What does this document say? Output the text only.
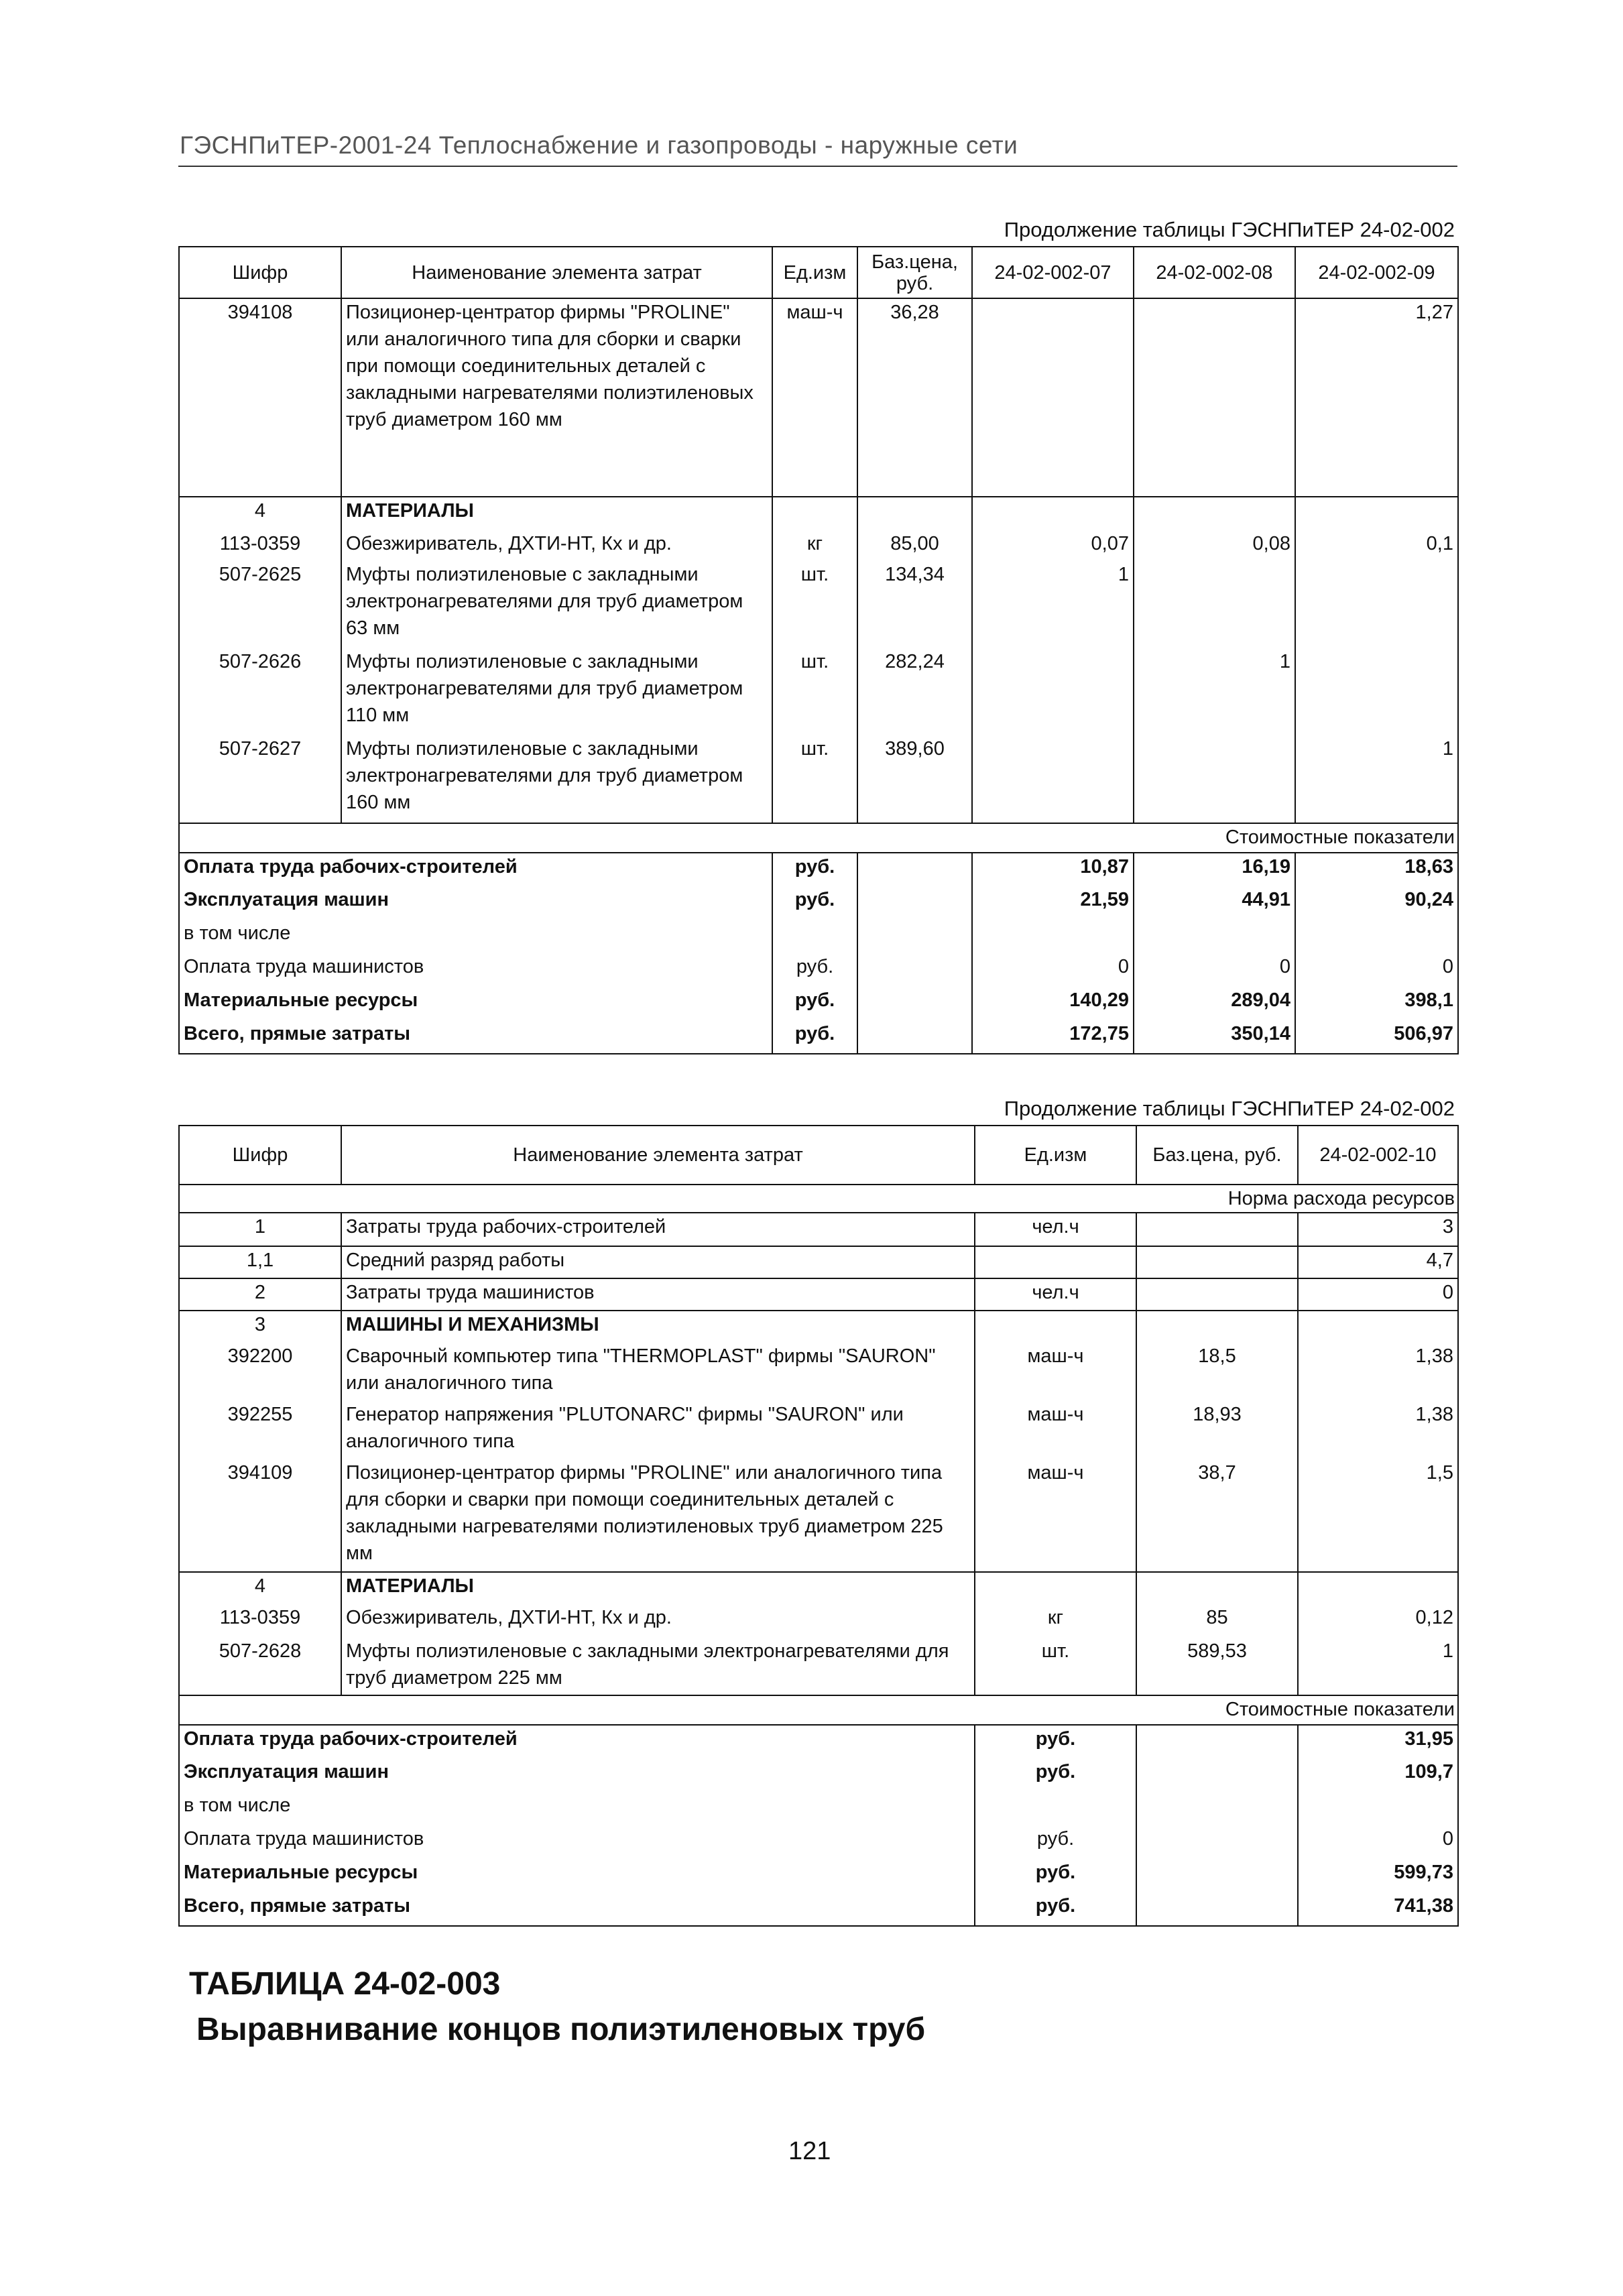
ГЭСНПиТЕР-2001-24 Теплоснабжение и газопроводы - наружные сети
Продолжение таблицы ГЭСНПиТЕР 24-02-002
Шифр	Наименование элемента затрат	Ед.изм	Баз.цена, руб.	24-02-002-07	24-02-002-08	24-02-002-09
394108	Позиционер-центратор фирмы "PROLINE" или аналогичного типа для сборки и сварки при помощи соединительных деталей с закладными нагревателями полиэтиленовых труб диаметром 160 мм	маш-ч	36,28			1,27
4	МАТЕРИАЛЫ					
113-0359	Обезжириватель, ДХТИ-НТ, Кх и др.	кг	85,00	0,07	0,08	0,1
507-2625	Муфты полиэтиленовые с закладными электронагревателями для труб диаметром 63 мм	шт.	134,34	1		
507-2626	Муфты полиэтиленовые с закладными электронагревателями для труб диаметром 110 мм	шт.	282,24		1	
507-2627	Муфты полиэтиленовые с закладными электронагревателями для труб диаметром 160 мм	шт.	389,60			1
Стоимостные показатели						
Оплата труда рабочих-строителей		руб.		10,87	16,19	18,63
Эксплуатация машин		руб.		21,59	44,91	90,24
в том числе						
Оплата труда машинистов		руб.		0	0	0
Материальные ресурсы		руб.		140,29	289,04	398,1
Всего, прямые затраты		руб.		172,75	350,14	506,97
Продолжение таблицы ГЭСНПиТЕР 24-02-002
Шифр	Наименование элемента затрат	Ед.изм	Баз.цена, руб.	24-02-002-10
Норма расхода ресурсов				
1	Затраты труда рабочих-строителей	чел.ч		3
1,1	Средний разряд работы			4,7
2	Затраты труда машинистов	чел.ч		0
3	МАШИНЫ И МЕХАНИЗМЫ			
392200	Сварочный компьютер типа "THERMOPLAST" фирмы "SAURON" или аналогичного типа	маш-ч	18,5	1,38
392255	Генератор напряжения "PLUTONARC" фирмы "SAURON" или аналогичного типа	маш-ч	18,93	1,38
394109	Позиционер-центратор фирмы "PROLINE" или аналогичного типа для сборки и сварки при помощи соединительных деталей с закладными нагревателями полиэтиленовых труб диаметром 225 мм	маш-ч	38,7	1,5
4	МАТЕРИАЛЫ			
113-0359	Обезжириватель, ДХТИ-НТ, Кх и др.	кг	85	0,12
507-2628	Муфты полиэтиленовые с закладными электронагревателями для труб диаметром 225 мм	шт.	589,53	1
Стоимостные показатели				
Оплата труда рабочих-строителей		руб.		31,95
Эксплуатация машин		руб.		109,7
в том числе				
Оплата труда машинистов		руб.		0
Материальные ресурсы		руб.		599,73
Всего, прямые затраты		руб.		741,38
ТАБЛИЦА 24-02-003
Выравнивание концов полиэтиленовых труб
121
